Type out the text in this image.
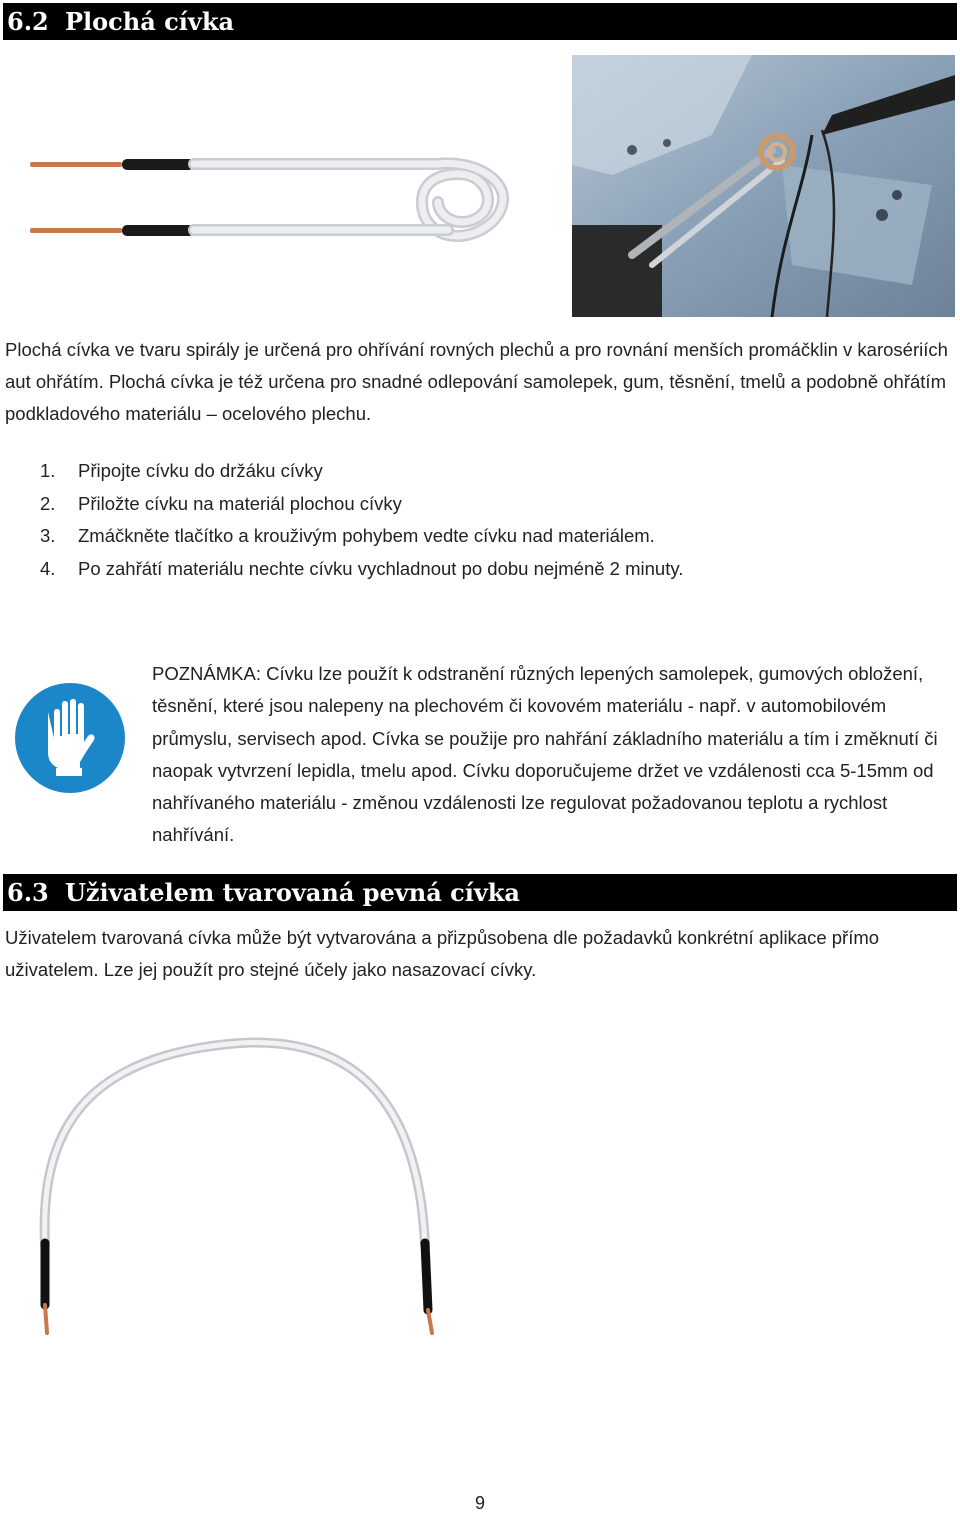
6.2 Plochá cívka

Plochá cívka ve tvaru spirály je určená pro ohřívání rovných plechů a pro rovnání menších promáčklin v karosériích aut ohřátím. Plochá cívka je též určena pro snadné odlepování samolepek, gum, těsnění, tmelů a podobně ohřátím podkladového materiálu – ocelového plechu.

1. Připojte cívku do držáku cívky
2. Přiložte cívku na materiál plochou cívky
3. Zmáčkněte tlačítko a krouživým pohybem vedte cívku nad materiálem.
4. Po zahřátí materiálu nechte cívku vychladnout po dobu nejméně 2 minuty.

POZNÁMKA: Cívku lze použít k odstranění různých lepených samolepek, gumových obložení, těsnění, které jsou nalepeny na plechovém či kovovém materiálu - např. v automobilovém průmyslu, servisech apod. Cívka se použije pro nahřání základního materiálu a tím i změknutí či naopak vytvrzení lepidla, tmelu apod. Cívku doporučujeme držet ve vzdálenosti cca 5-15mm od nahřívaného materiálu - změnou vzdálenosti lze regulovat požadovanou teplotu a rychlost nahřívání.

6.3 Uživatelem tvarovaná pevná cívka

Uživatelem tvarovaná cívka může být vytvarována a přizpůsobena dle požadavků konkrétní aplikace přímo uživatelem. Lze jej použít pro stejné účely jako nasazovací cívky.

9
